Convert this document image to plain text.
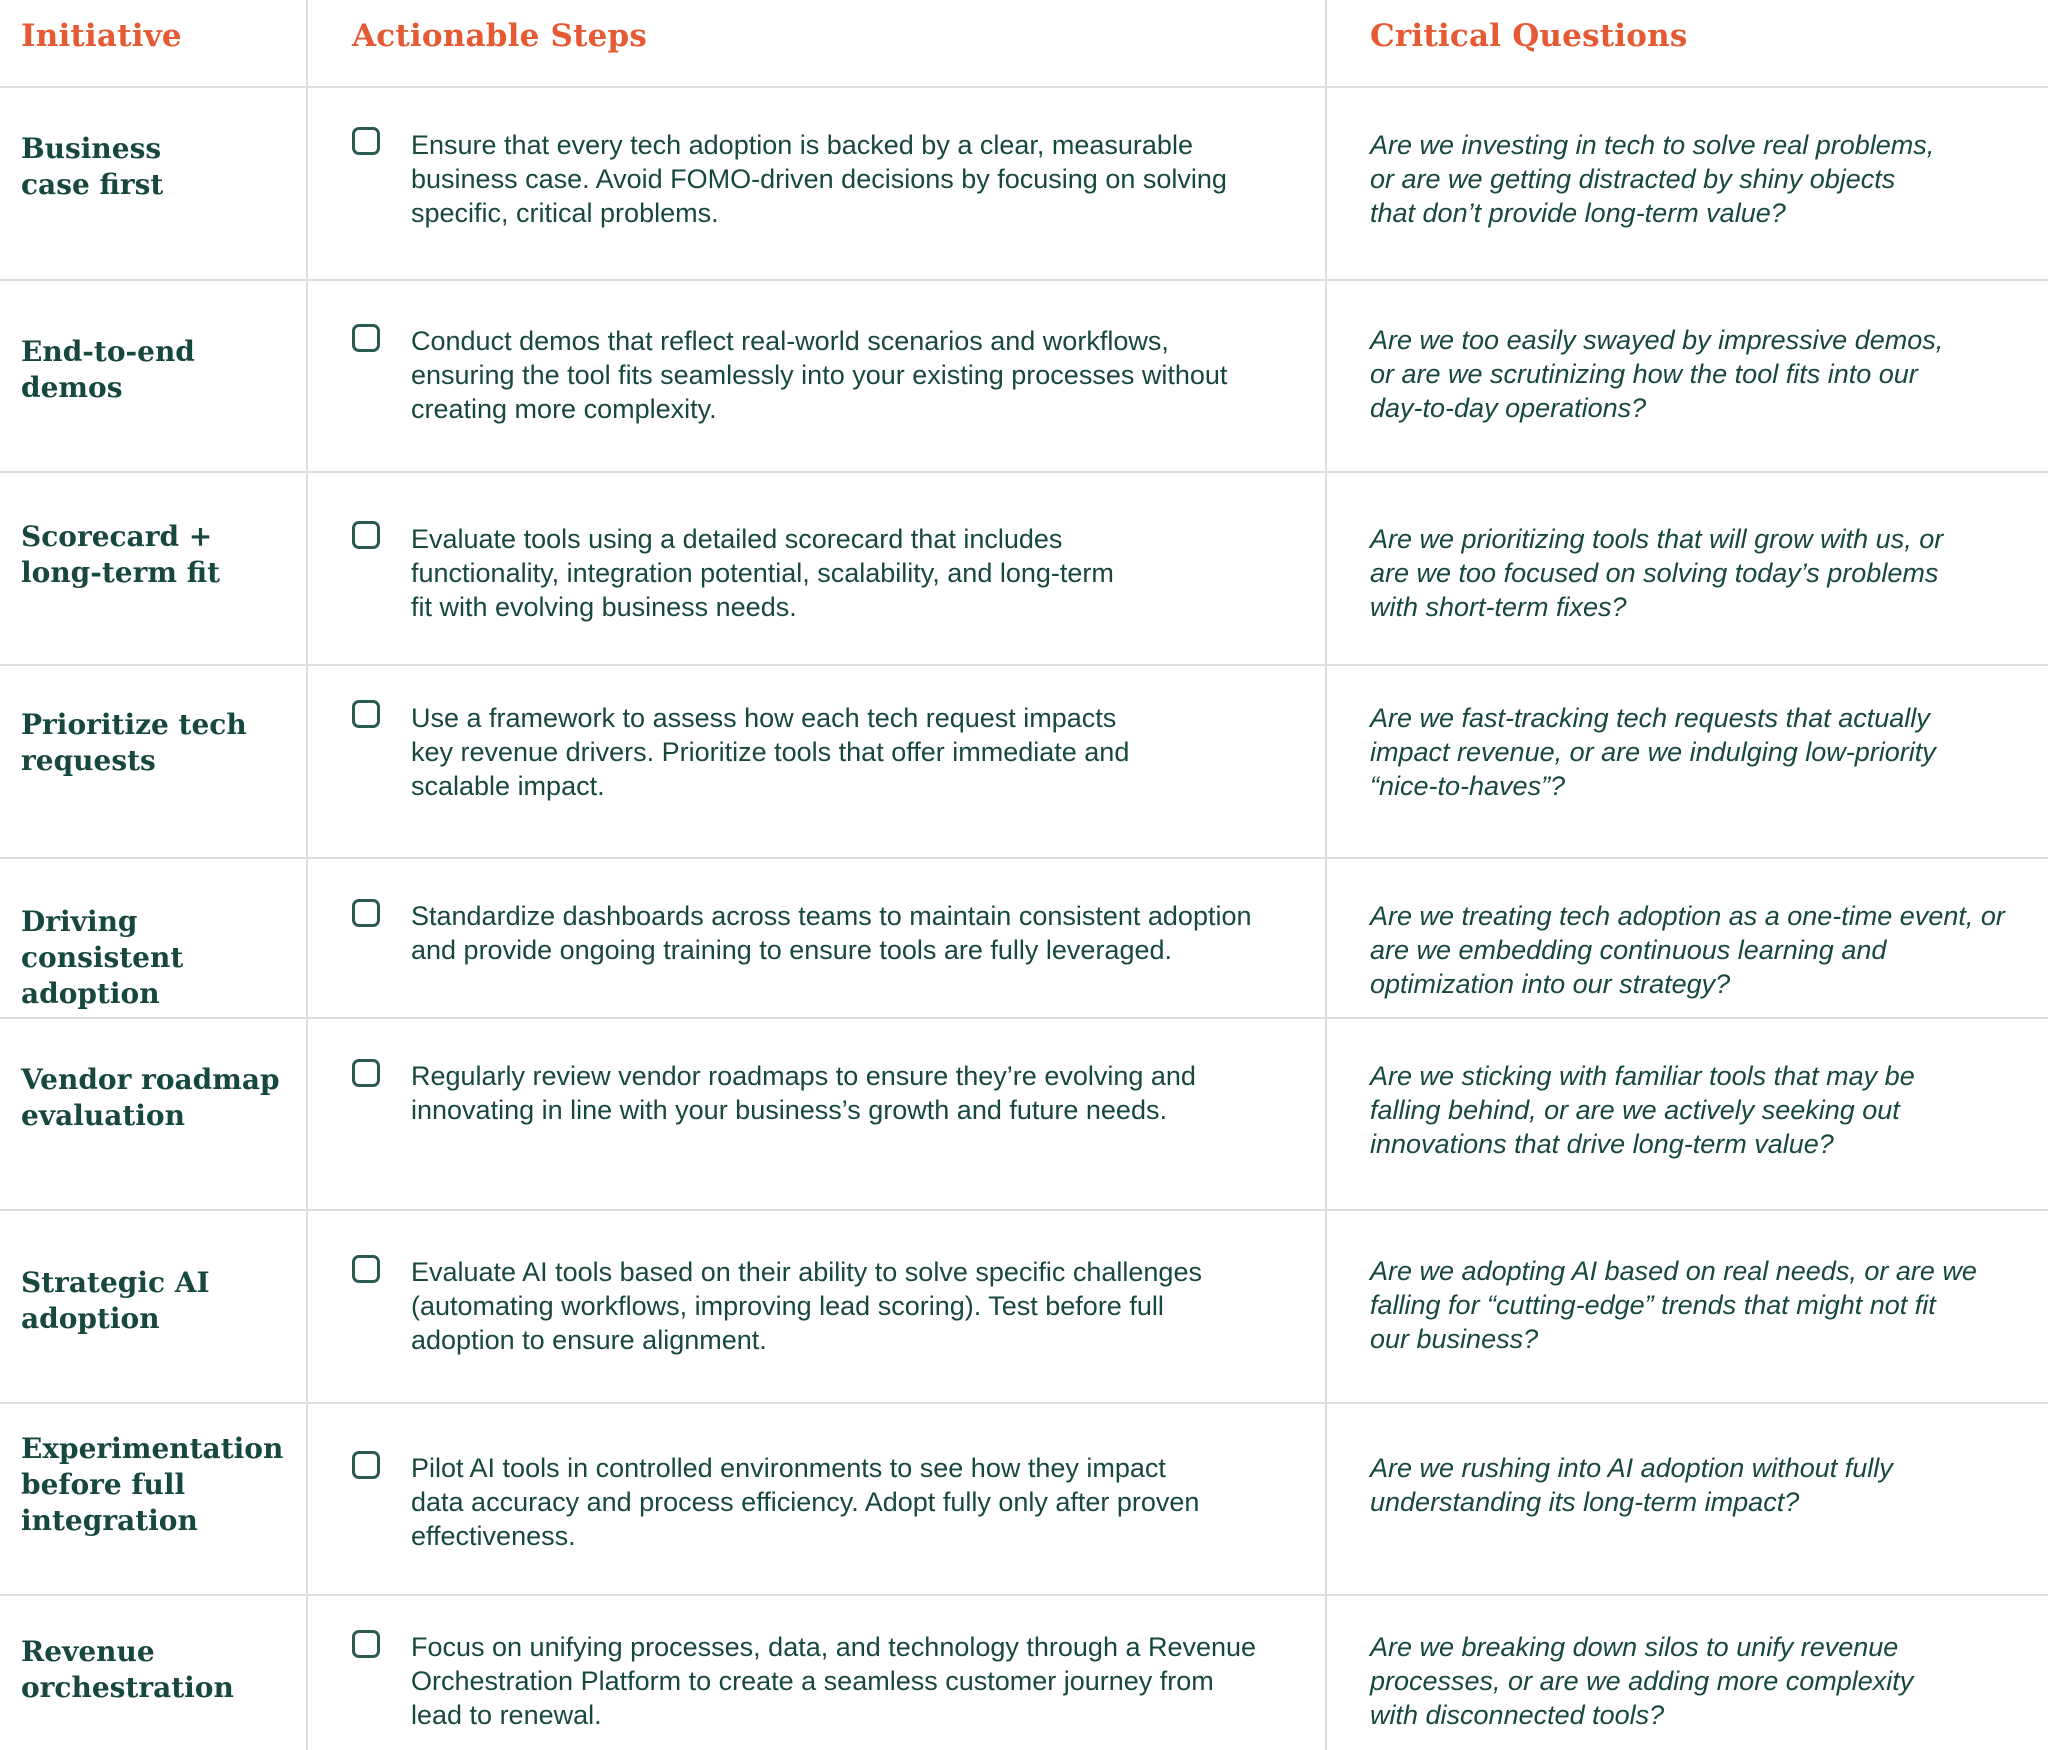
Initiative	Actionable Steps	Critical Questions
Business
case first
Ensure that every tech adoption is backed by a clear, measurable
business case. Avoid FOMO-driven decisions by focusing on solving
specific, critical problems.
Are we investing in tech to solve real problems,
or are we getting distracted by shiny objects
that don’t provide long-term value?
End-to-end
demos
Conduct demos that reflect real-world scenarios and workflows,
ensuring the tool fits seamlessly into your existing processes without
creating more complexity.
Are we too easily swayed by impressive demos,
or are we scrutinizing how the tool fits into our
day-to-day operations?
Scorecard +
long-term fit
Evaluate tools using a detailed scorecard that includes
functionality, integration potential, scalability, and long-term
fit with evolving business needs.
Are we prioritizing tools that will grow with us, or
are we too focused on solving today’s problems
with short-term fixes?
Prioritize tech
requests
Use a framework to assess how each tech request impacts
key revenue drivers. Prioritize tools that offer immediate and
scalable impact.
Are we fast-tracking tech requests that actually
impact revenue, or are we indulging low-priority
“nice-to-haves”?
Driving consistent
adoption
Standardize dashboards across teams to maintain consistent adoption
and provide ongoing training to ensure tools are fully leveraged.
Are we treating tech adoption as a one-time event, or
are we embedding continuous learning and
optimization into our strategy?
Vendor roadmap
evaluation
Regularly review vendor roadmaps to ensure they’re evolving and
innovating in line with your business’s growth and future needs.
Are we sticking with familiar tools that may be
falling behind, or are we actively seeking out
innovations that drive long-term value?
Strategic AI
adoption
Evaluate AI tools based on their ability to solve specific challenges
(automating workflows, improving lead scoring). Test before full
adoption to ensure alignment.
Are we adopting AI based on real needs, or are we
falling for “cutting-edge” trends that might not fit
our business?
Experimentation
before full
integration
Pilot AI tools in controlled environments to see how they impact
data accuracy and process efficiency. Adopt fully only after proven
effectiveness.
Are we rushing into AI adoption without fully
understanding its long-term impact?
Revenue
orchestration
Focus on unifying processes, data, and technology through a Revenue
Orchestration Platform to create a seamless customer journey from
lead to renewal.
Are we breaking down silos to unify revenue
processes, or are we adding more complexity
with disconnected tools?
